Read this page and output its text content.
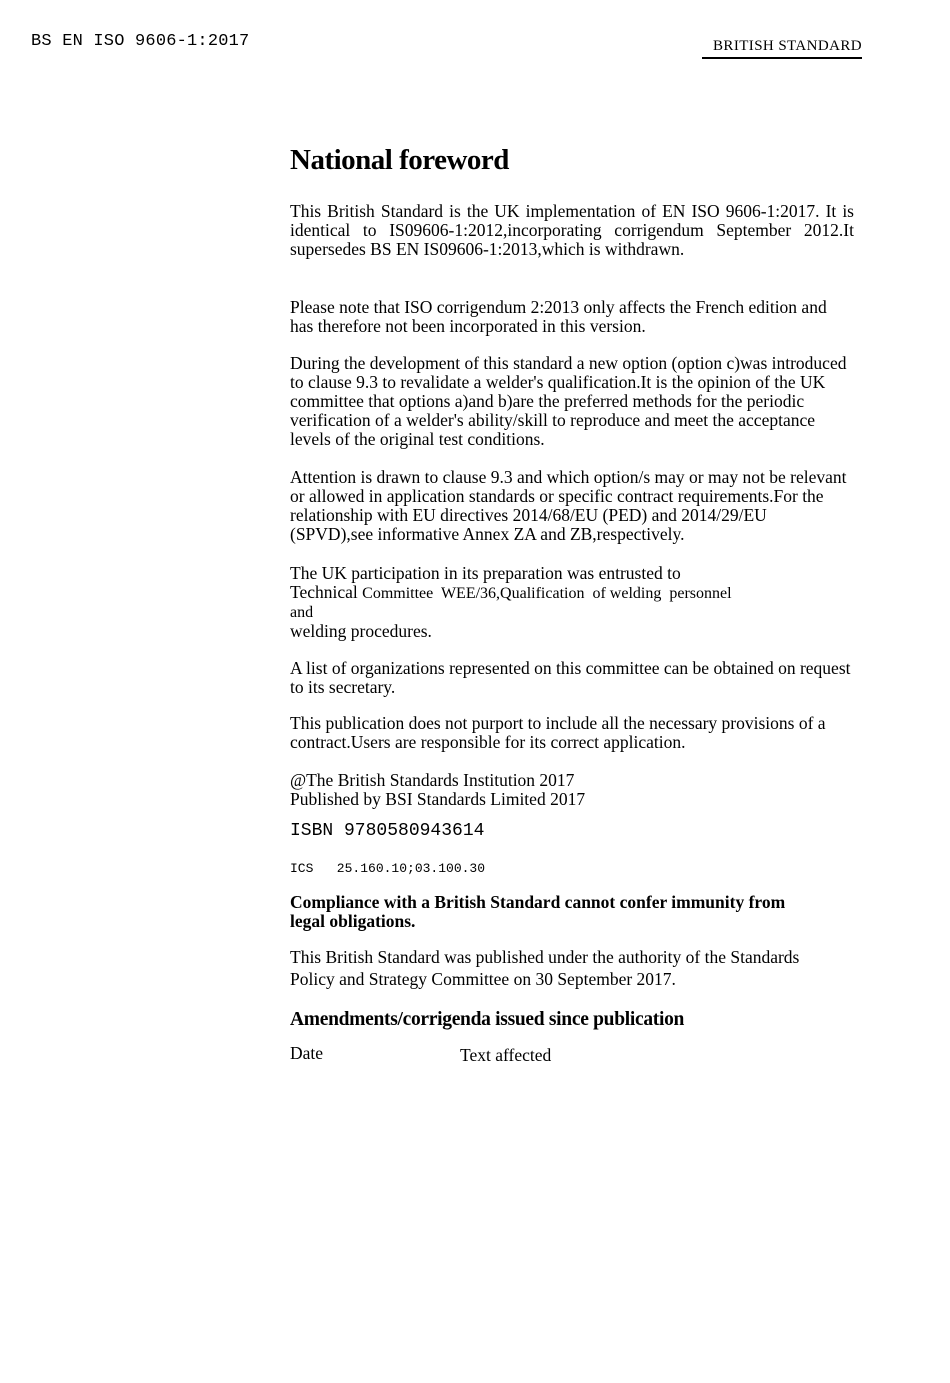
BS EN ISO 9606-1:2017	BRITISH STANDARD
National foreword

This British Standard is the UK implementation of EN ISO 9606-1:2017. It is identical to IS09606-1:2012,incorporating corrigendum September 2012.It supersedes BS EN IS09606-1:2013,which is withdrawn.

Please note that ISO corrigendum 2:2013 only affects the French edition and has therefore not been incorporated in this version.

During the development of this standard a new option (option c)was introduced to clause 9.3 to revalidate a welder's qualification.It is the opinion of the UK committee that options a)and b)are the preferred methods for the periodic verification of a welder's ability/skill to reproduce and meet the acceptance levels of the original test conditions.

Attention is drawn to clause 9.3 and which option/s may or may not be relevant or allowed in application standards or specific contract requirements.For the relationship with EU directives 2014/68/EU (PED) and 2014/29/EU (SPVD),see informative Annex ZA and ZB,respectively.

The UK participation in its preparation was entrusted to
Technical Committee  WEE/36,Qualification  of welding  personnel
and
welding procedures.

A list of organizations represented on this committee can be obtained on request to its secretary.

This publication does not purport to include all the necessary provisions of a contract.Users are responsible for its correct application.

@The British Standards Institution 2017
Published by BSI Standards Limited 2017

ISBN 9780580943614

ICS   25.160.10;03.100.30

Compliance with a British Standard cannot confer immunity from legal obligations.

This British Standard was published under the authority of the Standards Policy and Strategy Committee on 30 September 2017.

Amendments/corrigenda issued since publication
Date	Text affected
